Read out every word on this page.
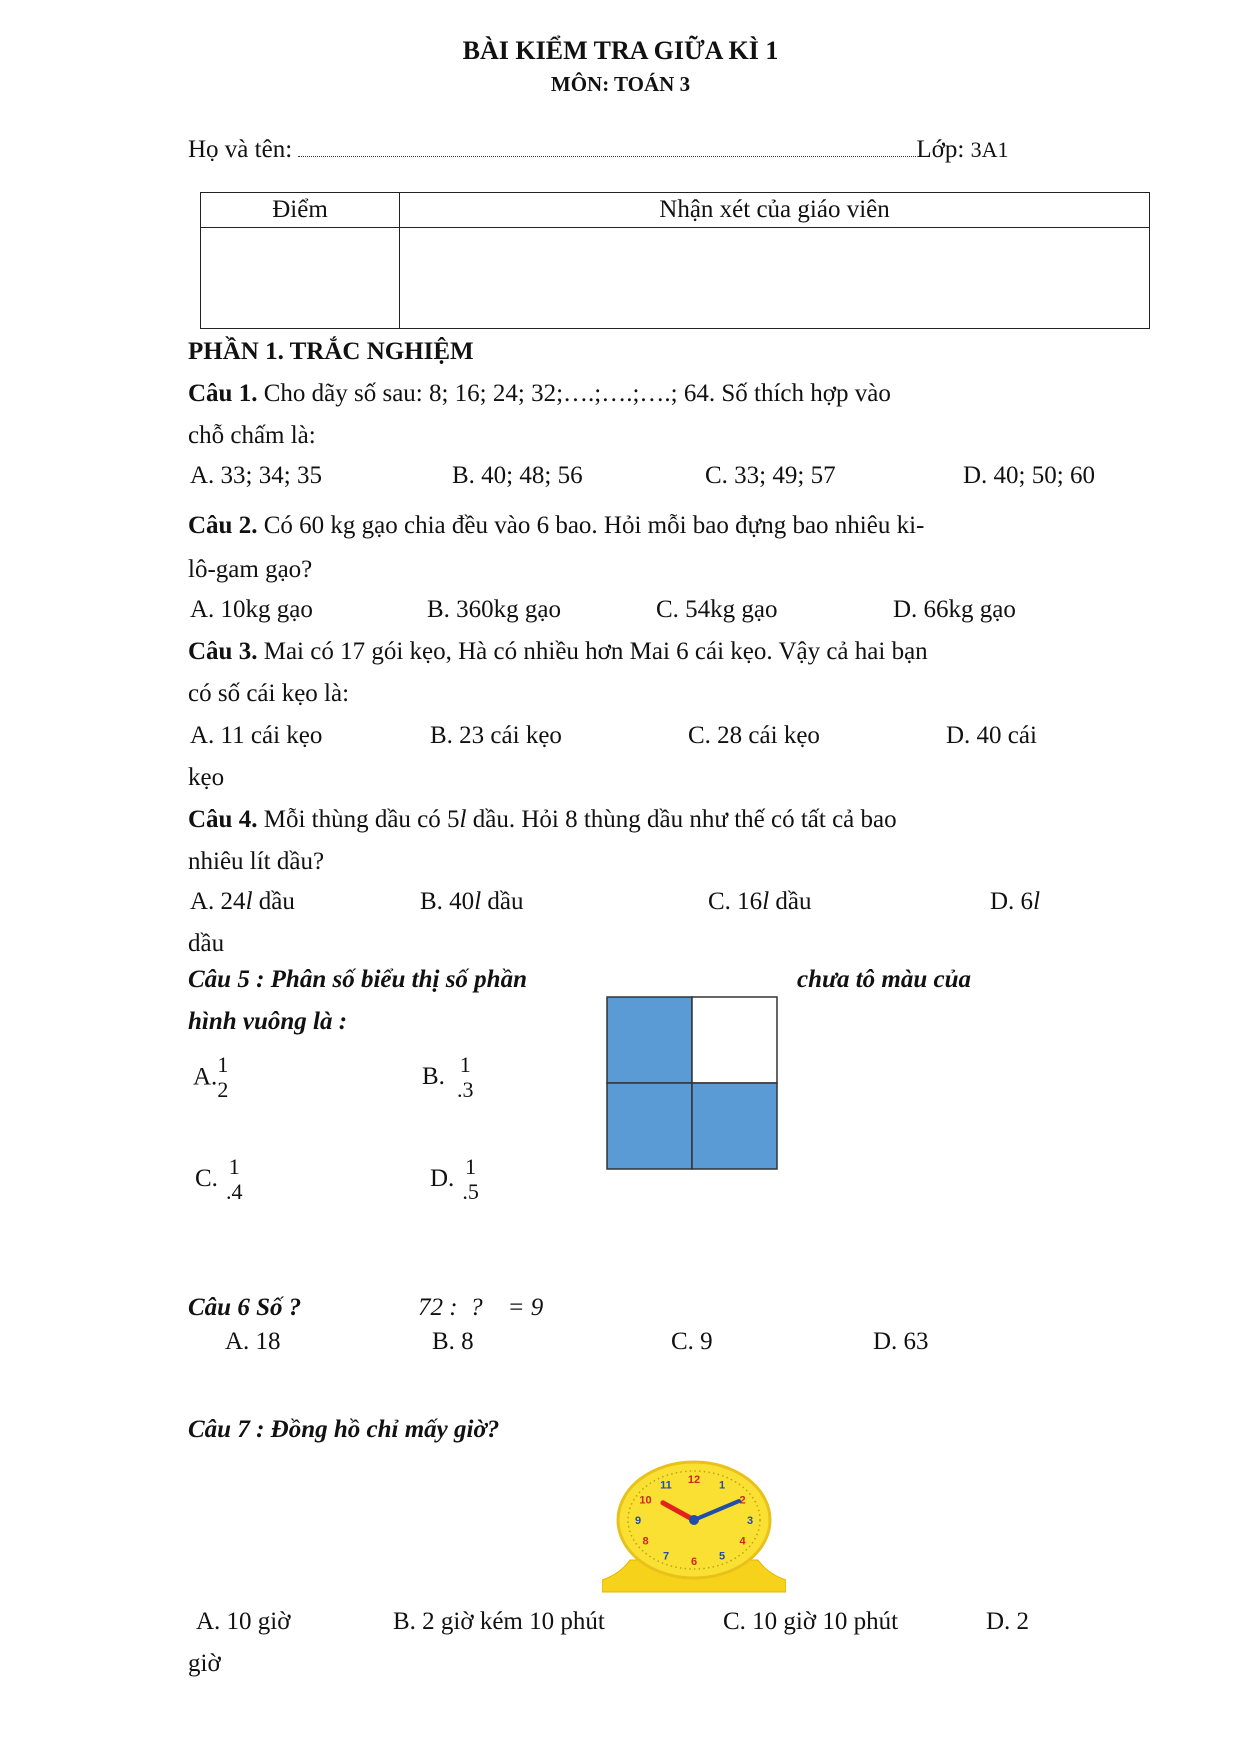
BÀI KIỂM TRA GIỮA KÌ 1
MÔN: TOÁN 3
Họ và tên:	Lớp: 3A1
Điểm	Nhận xét của giáo viên

PHẦN 1. TRẮC NGHIỆM
Câu 1. Cho dãy số sau: 8; 16; 24; 32;….;….;….; 64. Số thích hợp vào
chỗ chấm là:
A. 33; 34; 35	B. 40; 48; 56	C. 33; 49; 57	D. 40; 50; 60
Câu 2. Có 60 kg gạo chia đều vào 6 bao. Hỏi mỗi bao đựng bao nhiêu ki-
lô-gam gạo?
A. 10kg gạo	B. 360kg gạo	C. 54kg gạo	D. 66kg gạo
Câu 3. Mai có 17 gói kẹo, Hà có nhiều hơn Mai 6 cái kẹo. Vậy cả hai bạn
có số cái kẹo là:
A. 11 cái kẹo	B. 23 cái kẹo	C. 28 cái kẹo	D. 40 cái
kẹo
Câu 4. Mỗi thùng dầu có 5l dầu. Hỏi 8 thùng dầu như thế có tất cả bao
nhiêu lít dầu?
A. 24l dầu	B. 40l dầu	C. 16l dầu	D. 6l
dầu
Câu 5 : Phân số biểu thị số phần	chưa tô màu của
hình vuông là :
A. 1
2	B. 1
.3
C. 1
.4	D. 1
.5
Câu 6 Số ?	72 :  ?    = 9
A. 18	B. 8	C. 9	D. 63
Câu 7 : Đồng hồ chỉ mấy giờ?
12 1
2
3
4
5
6
7
8
9
10
11
A. 10 giờ	B. 2 giờ kém 10 phút	C. 10 giờ 10 phút	D. 2
giờ
